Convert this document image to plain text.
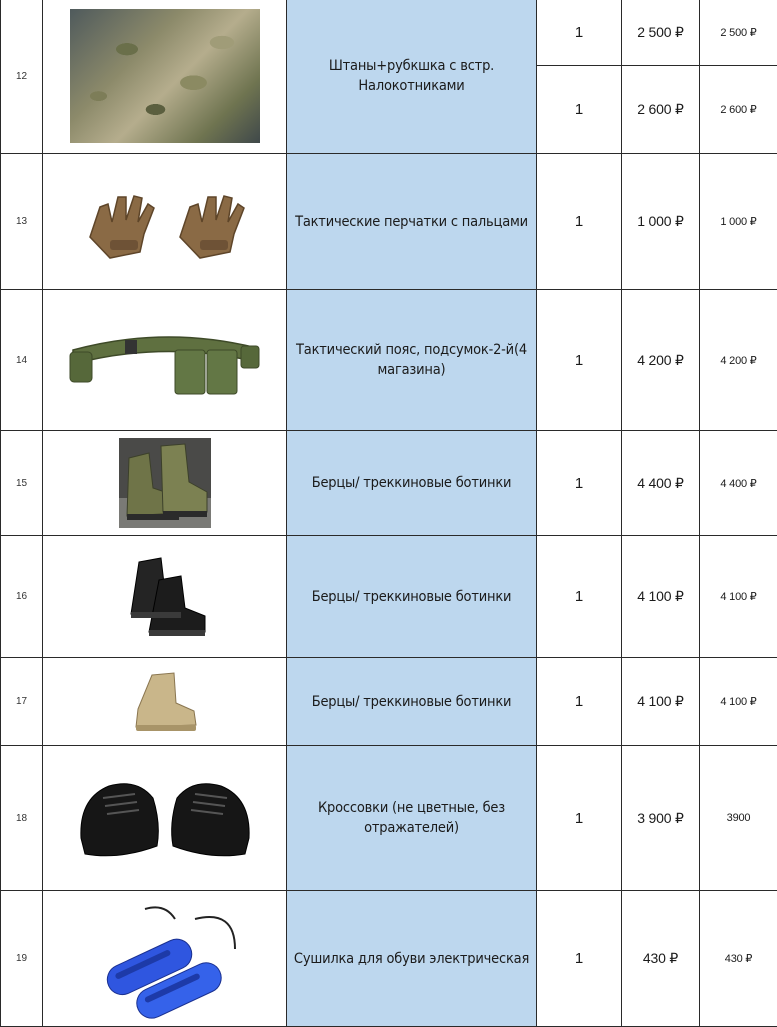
12		Штаны+рубкшка с встр. Налокотниками	1	2 500 ₽	2 500 ₽
			1	2 600 ₽	2 600 ₽
13		Тактические перчатки с пальцами	1	1 000 ₽	1 000 ₽
14		Тактический пояс, подсумок-2-й(4 магазина)	1	4 200 ₽	4 200 ₽
15		Берцы/ треккиновые ботинки	1	4 400 ₽	4 400 ₽
16		Берцы/ треккиновые ботинки	1	4 100 ₽	4 100 ₽
17		Берцы/ треккиновые ботинки	1	4 100 ₽	4 100 ₽
18		Кроссовки (не цветные, без отражателей)	1	3 900 ₽	3900
19		Сушилка для обуви электрическая	1	430 ₽	430 ₽
